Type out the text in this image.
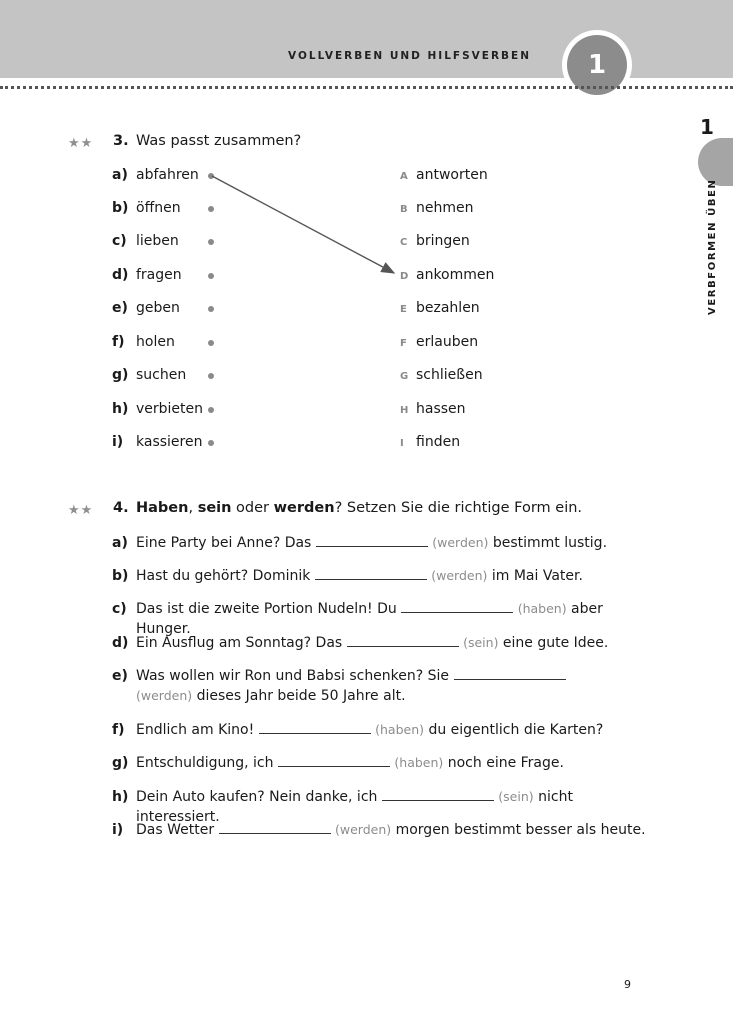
VOLLVERBEN UND HILFSVERBEN	1
1
VERBFORMEN ÜBEN
★★ 3. Was passt zusammen?
a) abfahren
b) öffnen
c) lieben
d) fragen
e) geben
f) holen
g) suchen
h) verbieten
i) kassieren
A antworten
B nehmen
C bringen
D ankommen
E bezahlen
F erlauben
G schließen
H hassen
I finden
★★ 4. Haben, sein oder werden? Setzen Sie die richtige Form ein.
a) Eine Party bei Anne? Das	(werden) bestimmt lustig.
b) Hast du gehört? Dominik	(werden) im Mai Vater.
c) Das ist die zweite Portion Nudeln! Du	(haben) aber Hunger.
d) Ein Ausflug am Sonntag? Das	(sein) eine gute Idee.
e) Was wollen wir Ron und Babsi schenken? Sie  (werden) dieses Jahr beide 50 Jahre alt.
f) Endlich am Kino!	(haben) du eigentlich die Karten?
g) Entschuldigung, ich	(haben) noch eine Frage.
h) Dein Auto kaufen? Nein danke, ich	(sein) nicht interessiert.
i) Das Wetter	(werden) morgen bestimmt besser als heute.
9
